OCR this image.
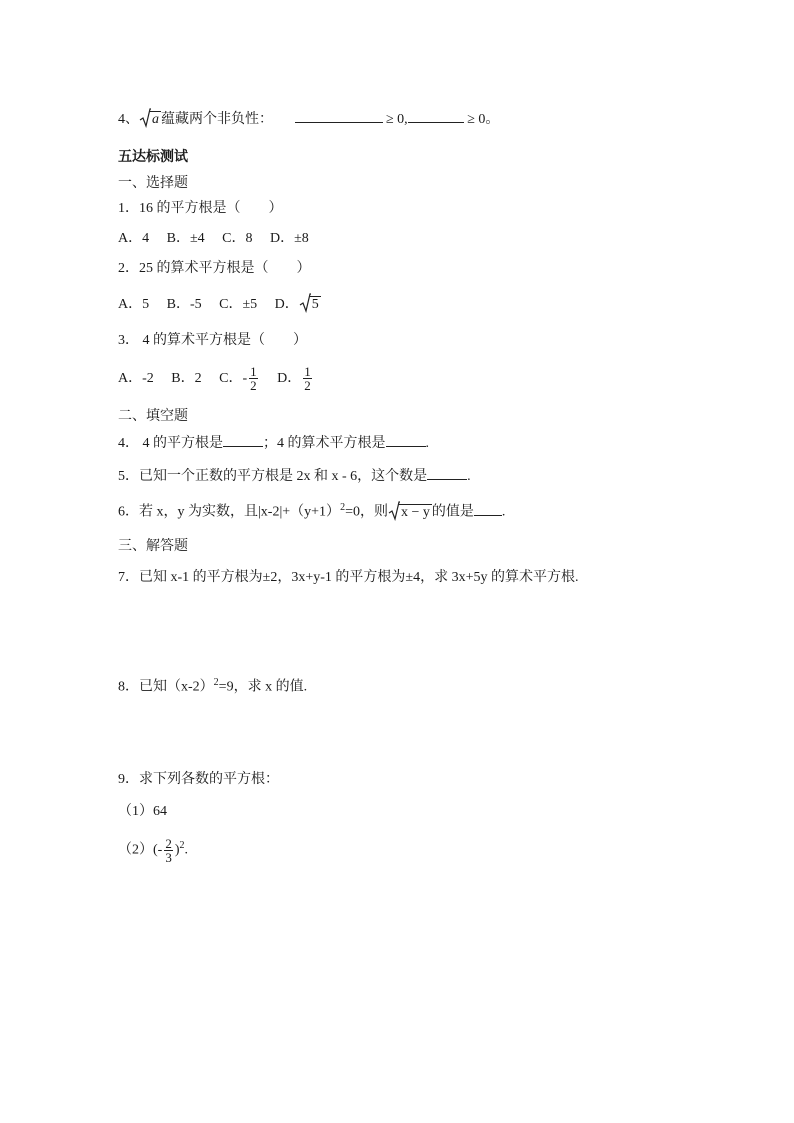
4、 a 蕴藏两个非负性：	≥ 0,	≥ 0。
五达标测试
一、选择题
1．16 的平方根是（　　）
A．4 B．±4 C．8 D．±8
2．25 的算术平方根是（　　）
A．5 B．-5 C．±5 D． 5
3． 4 的算术平方根是（　　）
A．-2 B．2 C．- $\frac{1}{2}$ D． $\frac{1}{2}$
二、填空题
4． 4 的平方根是	；4 的算术平方根是	.
5．已知一个正数的平方根是 2x 和 x - 6，这个数是	.
6．若 x，y 为实数，且$|x-2|+(y+1)^2=0$，则 x − y 的值是 .
三、解答题
7．已知 x-1 的平方根为±2，3x+y-1 的平方根为±4，求 3x+5y 的算术平方根.
8．已知$(x-2)^2=9$，求 x 的值.
9．求下列各数的平方根：
（1）64
$(2)(- \frac{2}{3} )^2$.
